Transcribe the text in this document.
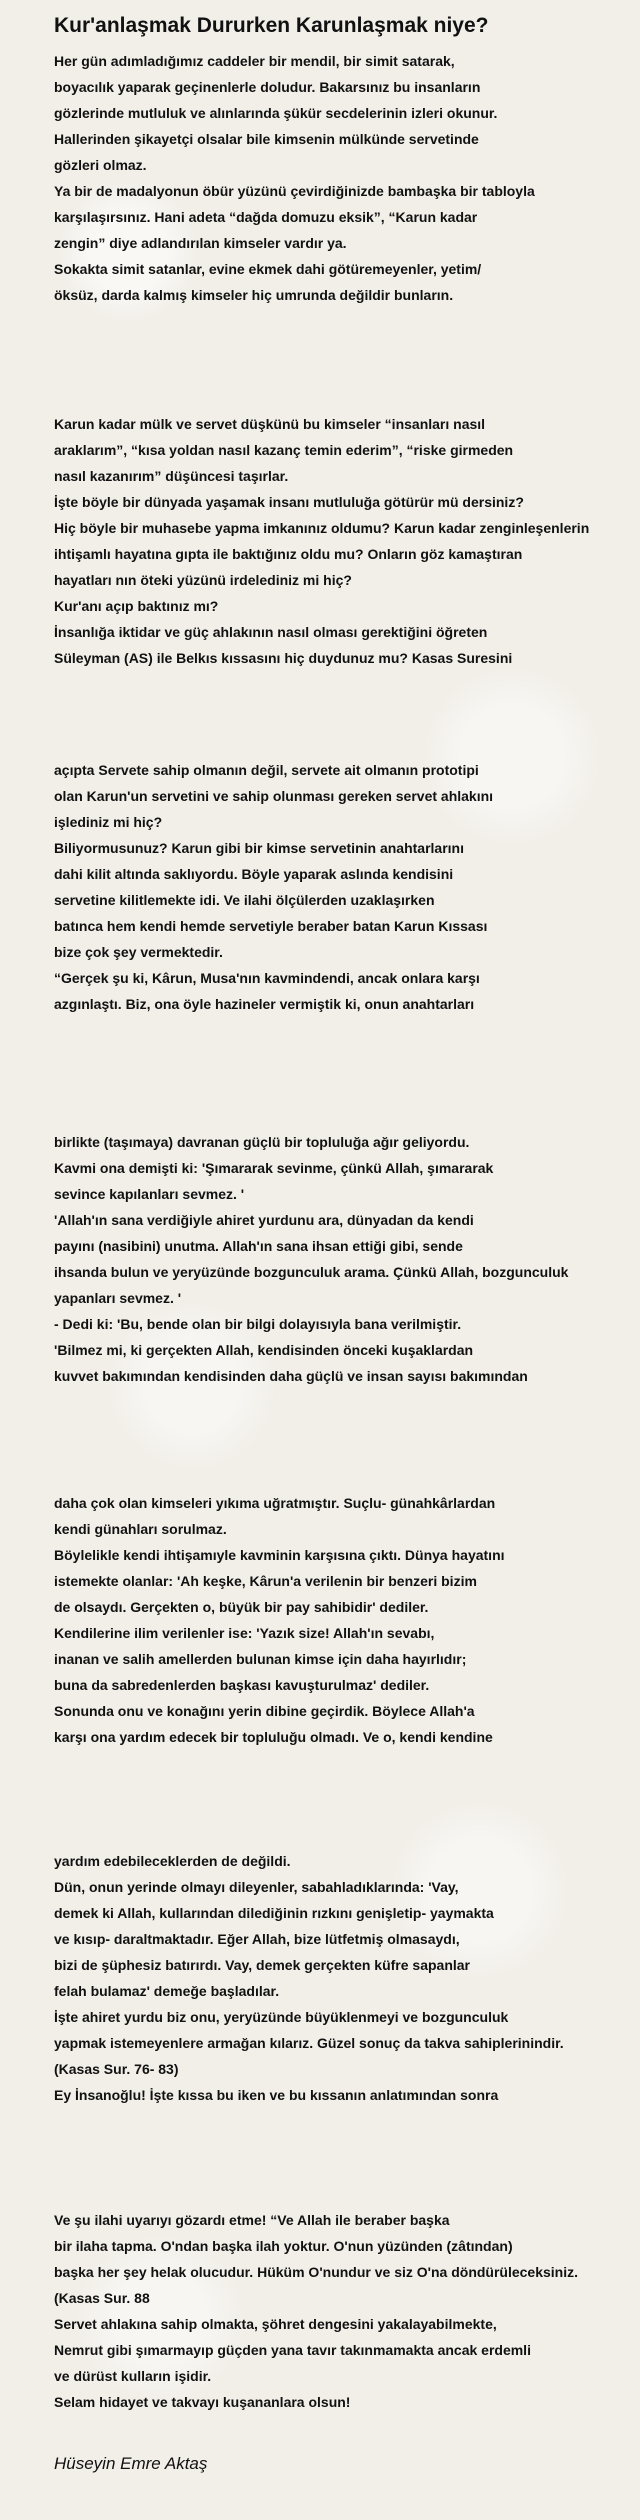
Kur'anlaşmak Dururken Karunlaşmak niye?
Her gün adımladığımız caddeler bir mendil, bir simit satarak,
boyacılık yaparak geçinenlerle doludur. Bakarsınız bu insanların
gözlerinde mutluluk ve alınlarında şükür secdelerinin izleri okunur.
Hallerinden şikayetçi olsalar bile kimsenin mülkünde servetinde
gözleri olmaz.
Ya bir de madalyonun öbür yüzünü çevirdiğinizde bambaşka bir tabloyla
karşılaşırsınız. Hani adeta “dağda domuzu eksik”, “Karun kadar
zengin” diye adlandırılan kimseler vardır ya.
Sokakta simit satanlar, evine ekmek dahi götüremeyenler, yetim/
öksüz, darda kalmış kimseler hiç umrunda değildir bunların.
Karun kadar mülk ve servet düşkünü bu kimseler “insanları nasıl
araklarım”, “kısa yoldan nasıl kazanç temin ederim”, “riske girmeden
nasıl kazanırım” düşüncesi taşırlar.
İşte böyle bir dünyada yaşamak insanı mutluluğa götürür mü dersiniz?
Hiç böyle bir muhasebe yapma imkanınız oldumu? Karun kadar zenginleşenlerin
ihtişamlı hayatına gıpta ile baktığınız oldu mu? Onların göz kamaştıran
hayatları nın öteki yüzünü irdelediniz mi hiç?
Kur'anı açıp baktınız mı?
İnsanlığa iktidar ve güç ahlakının nasıl olması gerektiğini öğreten
Süleyman (AS) ile Belkıs kıssasını hiç duydunuz mu? Kasas Suresini
açıpta Servete sahip olmanın değil, servete ait olmanın prototipi
olan Karun'un servetini ve sahip olunması gereken servet ahlakını
işlediniz mi hiç?
Biliyormusunuz? Karun gibi bir kimse servetinin anahtarlarını
dahi kilit altında saklıyordu. Böyle yaparak aslında kendisini
servetine kilitlemekte idi. Ve ilahi ölçülerden uzaklaşırken
batınca hem kendi hemde servetiyle beraber batan Karun Kıssası
bize çok şey vermektedir.
“Gerçek şu ki, Kârun, Musa'nın kavmindendi, ancak onlara karşı
azgınlaştı. Biz, ona öyle hazineler vermiştik ki, onun anahtarları
birlikte (taşımaya) davranan güçlü bir topluluğa ağır geliyordu.
Kavmi ona demişti ki: 'Şımararak sevinme, çünkü Allah, şımararak
sevince kapılanları sevmez. '
'Allah'ın sana verdiğiyle ahiret yurdunu ara, dünyadan da kendi
payını (nasibini) unutma. Allah'ın sana ihsan ettiği gibi, sende
ihsanda bulun ve yeryüzünde bozgunculuk arama. Çünkü Allah, bozgunculuk
yapanları sevmez. '
- Dedi ki: 'Bu, bende olan bir bilgi dolayısıyla bana verilmiştir.
'Bilmez mi, ki gerçekten Allah, kendisinden önceki kuşaklardan
kuvvet bakımından kendisinden daha güçlü ve insan sayısı bakımından
daha çok olan kimseleri yıkıma uğratmıştır. Suçlu- günahkârlardan
kendi günahları sorulmaz.
Böylelikle kendi ihtişamıyle kavminin karşısına çıktı. Dünya hayatını
istemekte olanlar: 'Ah keşke, Kârun'a verilenin bir benzeri bizim
de olsaydı. Gerçekten o, büyük bir pay sahibidir' dediler.
Kendilerine ilim verilenler ise: 'Yazık size! Allah'ın sevabı,
inanan ve salih amellerden bulunan kimse için daha hayırlıdır;
buna da sabredenlerden başkası kavuşturulmaz' dediler.
Sonunda onu ve konağını yerin dibine geçirdik. Böylece Allah'a
karşı ona yardım edecek bir topluluğu olmadı. Ve o, kendi kendine
yardım edebileceklerden de değildi.
Dün, onun yerinde olmayı dileyenler, sabahladıklarında: 'Vay,
demek ki Allah, kullarından dilediğinin rızkını genişletip- yaymakta
ve kısıp- daraltmaktadır. Eğer Allah, bize lütfetmiş olmasaydı,
bizi de şüphesiz batırırdı. Vay, demek gerçekten küfre sapanlar
felah bulamaz' demeğe başladılar.
İşte ahiret yurdu biz onu, yeryüzünde büyüklenmeyi ve bozgunculuk
yapmak istemeyenlere armağan kılarız. Güzel sonuç da takva sahiplerinindir.
(Kasas Sur. 76- 83)
Ey İnsanoğlu! İşte kıssa bu iken ve bu kıssanın anlatımından sonra
Ve şu ilahi uyarıyı gözardı etme! “Ve Allah ile beraber başka
bir ilaha tapma. O'ndan başka ilah yoktur. O'nun yüzünden (zâtından)
başka her şey helak olucudur. Hüküm O'nundur ve siz O'na döndürüleceksiniz.
(Kasas Sur. 88
Servet ahlakına sahip olmakta, şöhret dengesini yakalayabilmekte,
Nemrut gibi şımarmayıp güçden yana tavır takınmamakta ancak erdemli
ve dürüst kulların işidir.
Selam hidayet ve takvayı kuşananlara olsun!

Hüseyin Emre Aktaş
